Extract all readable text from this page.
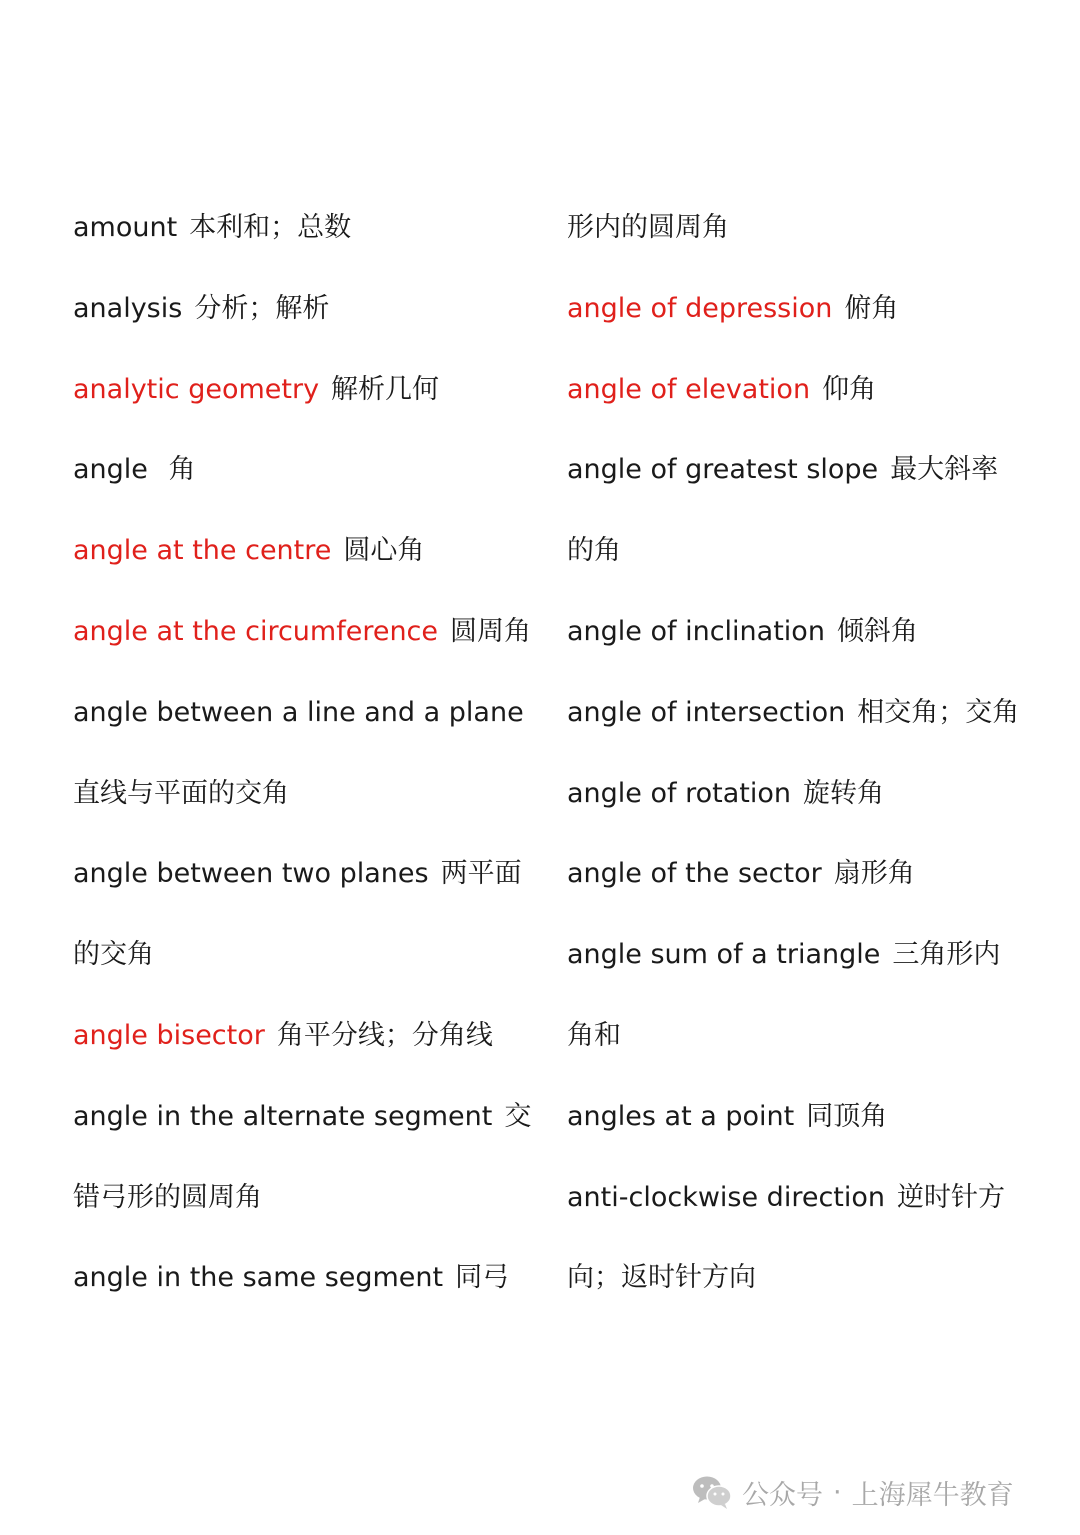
amount 本利和；总数
analysis 分析；解析
analytic geometry 解析几何
angle 角
angle at the centre 圆心角
angle at the circumference 圆周角
angle between a line and a plane
直线与平面的交角
angle between two planes 两平面
的交角
angle bisector 角平分线；分角线
angle in the alternate segment 交
错弓形的圆周角
angle in the same segment 同弓
形内的圆周角
angle of depression 俯角
angle of elevation 仰角
angle of greatest slope 最大斜率
的角
angle of inclination 倾斜角
angle of intersection 相交角；交角
angle of rotation 旋转角
angle of the sector 扇形角
angle sum of a triangle 三角形内
角和
angles at a point 同顶角
anti-clockwise direction 逆时针方
向；返时针方向
公众号 · 上海犀牛教育
